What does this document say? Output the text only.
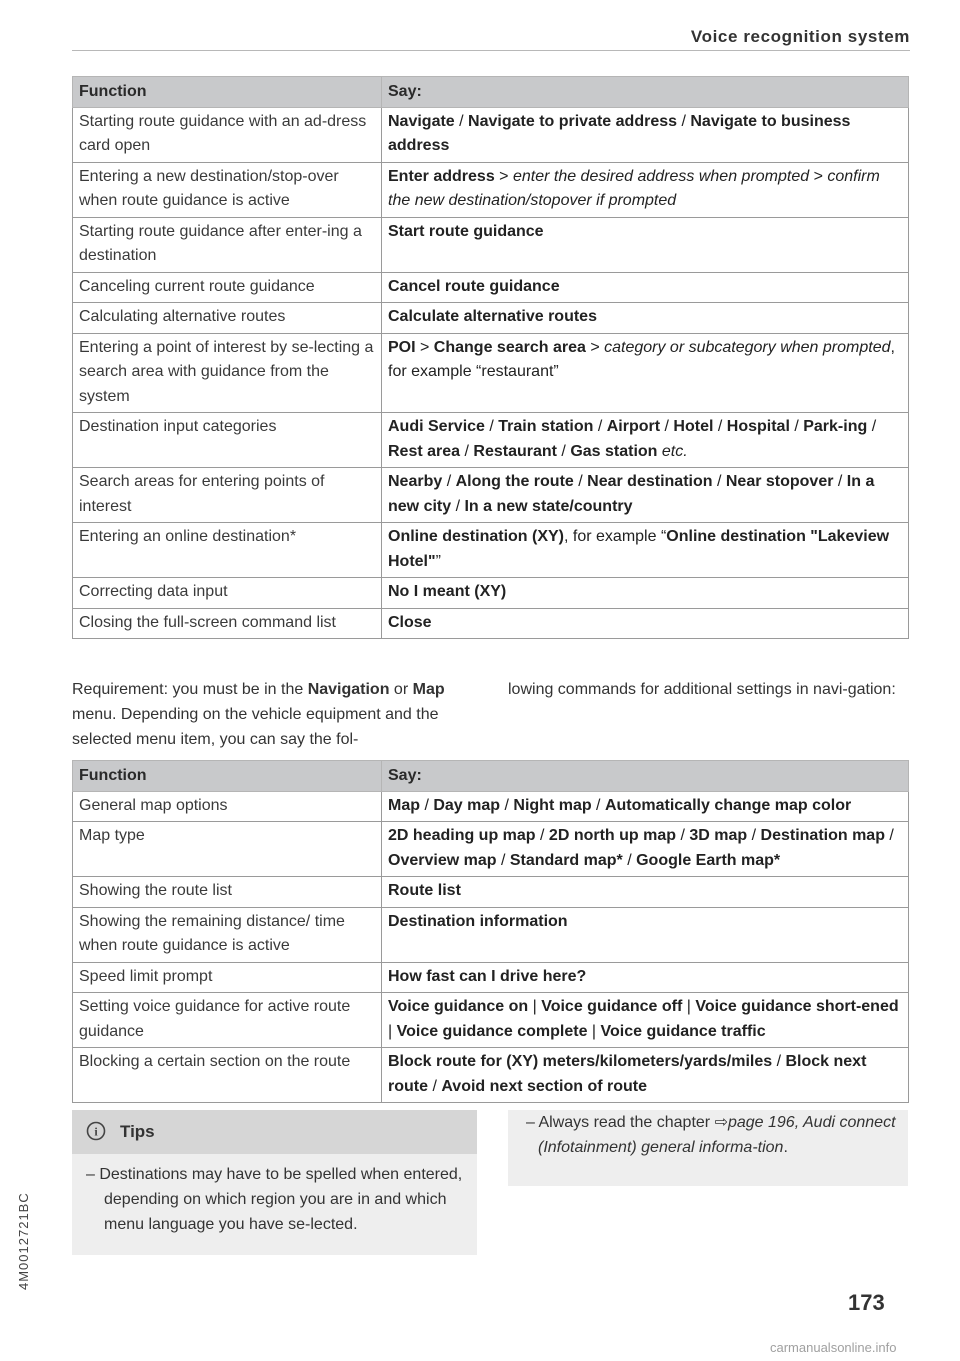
Voice recognition system
Function	Say:
Starting route guidance with an ad-dress card open	Navigate / Navigate to private address / Navigate to business address
Entering a new destination/stop-over when route guidance is active	Enter address > enter the desired address when prompted > confirm the new destination/stopover if prompted
Starting route guidance after enter-ing a destination	Start route guidance
Canceling current route guidance	Cancel route guidance
Calculating alternative routes	Calculate alternative routes
Entering a point of interest by se-lecting a search area with guidance from the system	POI > Change search area > category or subcategory when prompted, for example “restaurant”
Destination input categories	Audi Service / Train station / Airport / Hotel / Hospital / Park-ing / Rest area / Restaurant / Gas station etc.
Search areas for entering points of interest	Nearby / Along the route / Near destination / Near stopover / In a new city / In a new state/country
Entering an online destination*	Online destination (XY), for example “Online destination "Lakeview Hotel"”
Correcting data input	No I meant (XY)
Closing the full-screen command list	Close
Requirement: you must be in the Navigation or Map menu. Depending on the vehicle equipment and the selected menu item, you can say the fol-
lowing commands for additional settings in navi-gation:
Function	Say:
General map options	Map / Day map / Night map / Automatically change map color
Map type	2D heading up map / 2D north up map / 3D map / Destination map / Overview map / Standard map* / Google Earth map*
Showing the route list	Route list
Showing the remaining distance/ time when route guidance is active	Destination information
Speed limit prompt	How fast can I drive here?
Setting voice guidance for active route guidance	Voice guidance on | Voice guidance off | Voice guidance short-ened | Voice guidance complete | Voice guidance traffic
Blocking a certain section on the route	Block route for (XY) meters/kilometers/yards/miles / Block next route / Avoid next section of route
i Tips
– Destinations may have to be spelled when entered, depending on which region you are in and which menu language you have se-lected.
– Always read the chapter ⇨page 196, Audi connect (Infotainment) general informa-tion.
4M0012721BC
173
carmanualsonline.info
